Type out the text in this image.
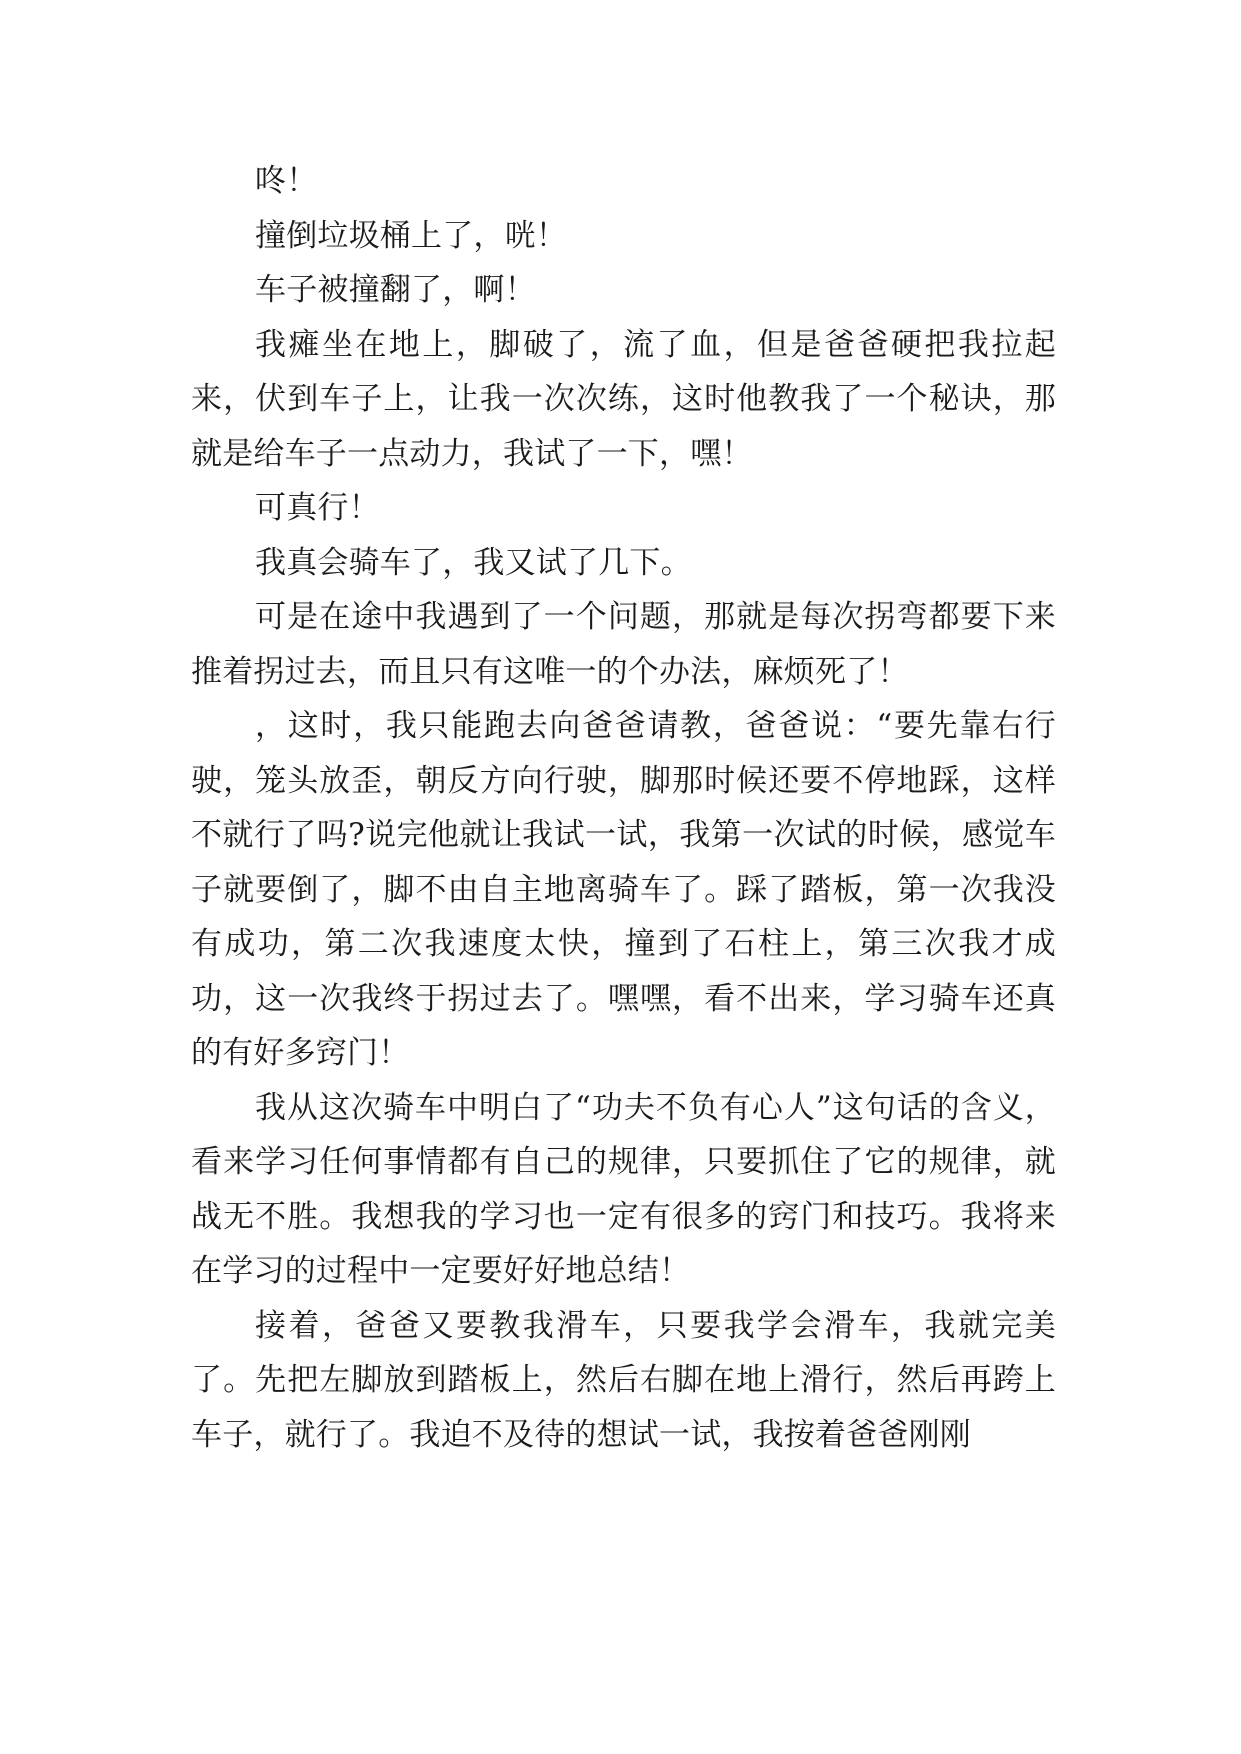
咚！

撞倒垃圾桶上了，咣！

车子被撞翻了，啊！

我瘫坐在地上，脚破了，流了血，但是爸爸硬把我拉起来，伏到车子上，让我一次次练，这时他教我了一个秘诀，那就是给车子一点动力，我试了一下，嘿！

可真行！

我真会骑车了，我又试了几下。

可是在途中我遇到了一个问题，那就是每次拐弯都要下来推着拐过去，而且只有这唯一的个办法，麻烦死了！

，这时，我只能跑去向爸爸请教，爸爸说：“要先靠右行驶，笼头放歪，朝反方向行驶，脚那时候还要不停地踩，这样不就行了吗?说完他就让我试一试，我第一次试的时候，感觉车子就要倒了，脚不由自主地离骑车了。踩了踏板，第一次我没有成功，第二次我速度太快，撞到了石柱上，第三次我才成功，这一次我终于拐过去了。嘿嘿，看不出来，学习骑车还真的有好多窍门！

我从这次骑车中明白了“功夫不负有心人”这句话的含义，看来学习任何事情都有自己的规律，只要抓住了它的规律，就战无不胜。我想我的学习也一定有很多的窍门和技巧。我将来在学习的过程中一定要好好地总结！

接着，爸爸又要教我滑车，只要我学会滑车，我就完美了。先把左脚放到踏板上，然后右脚在地上滑行，然后再跨上车子，就行了。我迫不及待的想试一试，我按着爸爸刚刚
